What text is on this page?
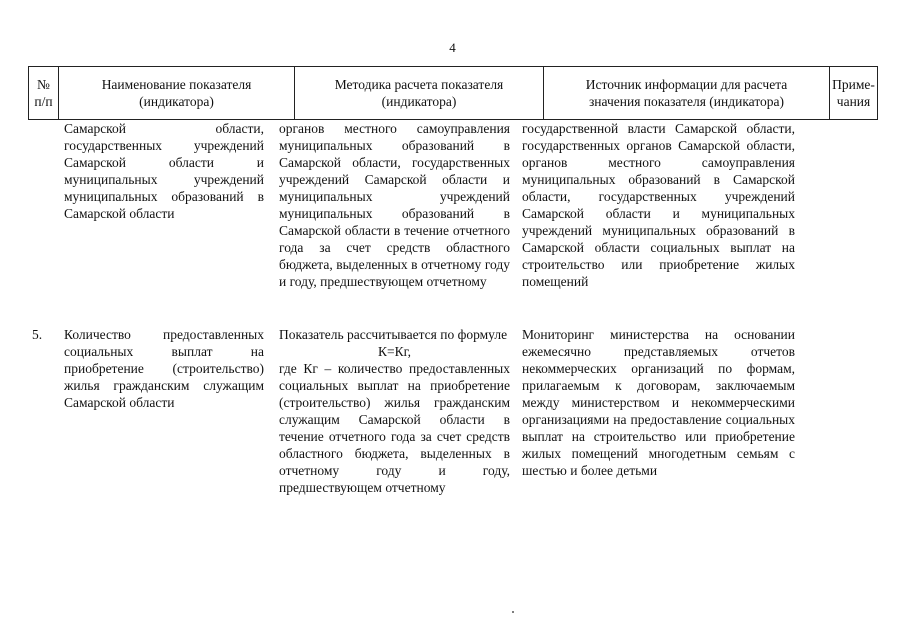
4
№
п/п
Наименование показателя
(индикатора)
Методика расчета показателя
(индикатора)
Источник информации для расчета
значения показателя (индикатора)
Приме-
чания
Самарской области, государственных учреждений Самарской области и муниципальных учреждений муниципальных образований в Самарской области
органов местного самоуправления муниципальных образований в Самарской области, государственных учреждений Самарской области и муниципальных учреждений муниципальных образований в Самарской области в течение отчетного года за счет средств областного бюджета, выделенных в отчетному году и году, предшествующем отчетному
государственной власти Самарской области, государственных органов Самарской области, органов местного самоуправления муниципальных образований в Самарской области, государственных учреждений Самарской области и муниципальных учреждений муниципальных образований в Самарской области социальных выплат на строительство или приобретение жилых помещений
5. Количество предоставленных социальных выплат на приобретение (строительство) жилья гражданским служащим Самарской области
Показатель рассчитывается по формуле
К=Кг,
где Кг – количество предоставленных социальных выплат на приобретение (строительство) жилья гражданским служащим Самарской области в течение отчетного года за счет средств областного бюджета, выделенных в отчетному году и году, предшествующем отчетному
Мониторинг министерства на основании ежемесячно представляемых отчетов некоммерческих организаций по формам, прилагаемым к договорам, заключаемым между министерством и некоммерческими организациями на предоставление социальных выплат на строительство или приобретение жилых помещений многодетным семьям с шестью и более детьми
